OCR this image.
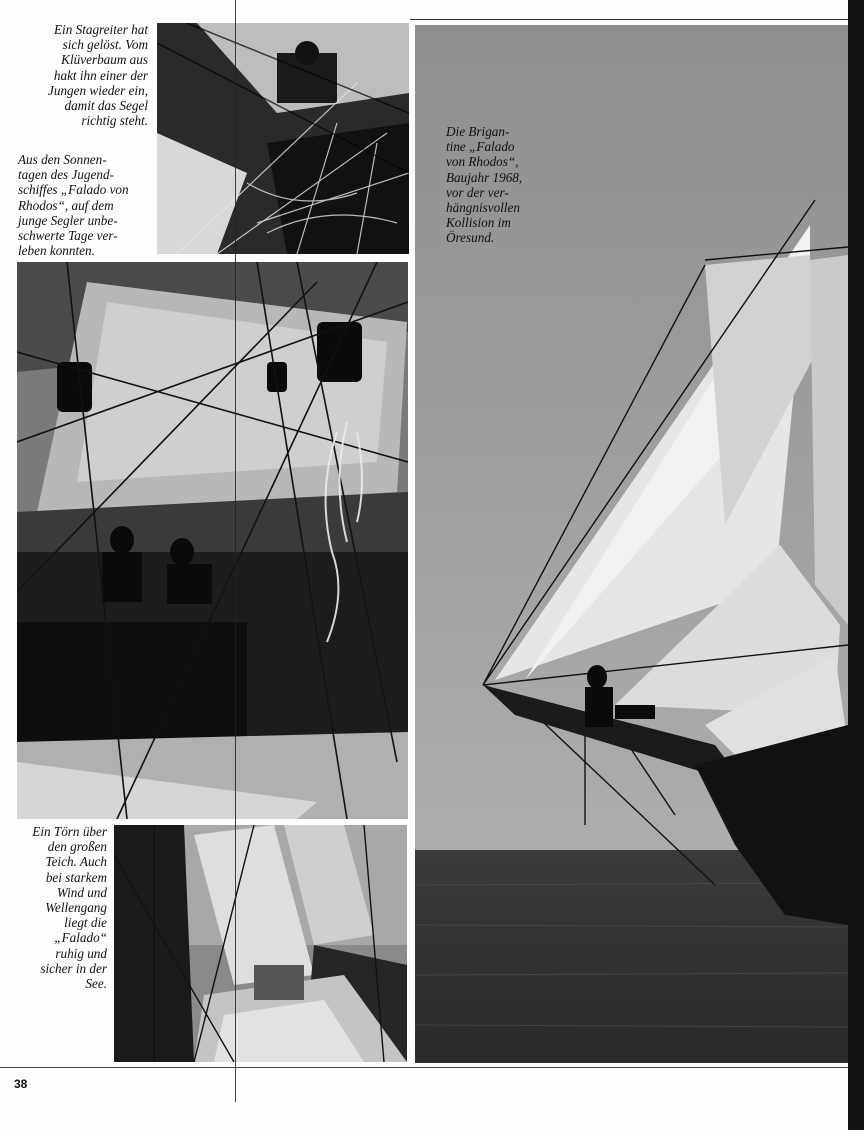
Ein Stagreiter hat
sich gelöst. Vom
Klüverbaum aus
hakt ihn einer der
Jungen wieder ein,
damit das Segel
richtig steht.
Aus den Sonnen-
tagen des Jugend-
schiffes „Falado von
Rhodos“, auf dem
junge Segler unbe-
schwerte Tage ver-
leben konnten.
Ein Törn über
den großen
Teich. Auch
bei starkem
Wind und
Wellengang
liegt die
„Falado“
ruhig und
sicher in der
See.
Die Brigan-
tine „Falado
von Rhodos“,
Baujahr 1968,
vor der ver-
hängnisvollen
Kollision im
Öresund.
38
